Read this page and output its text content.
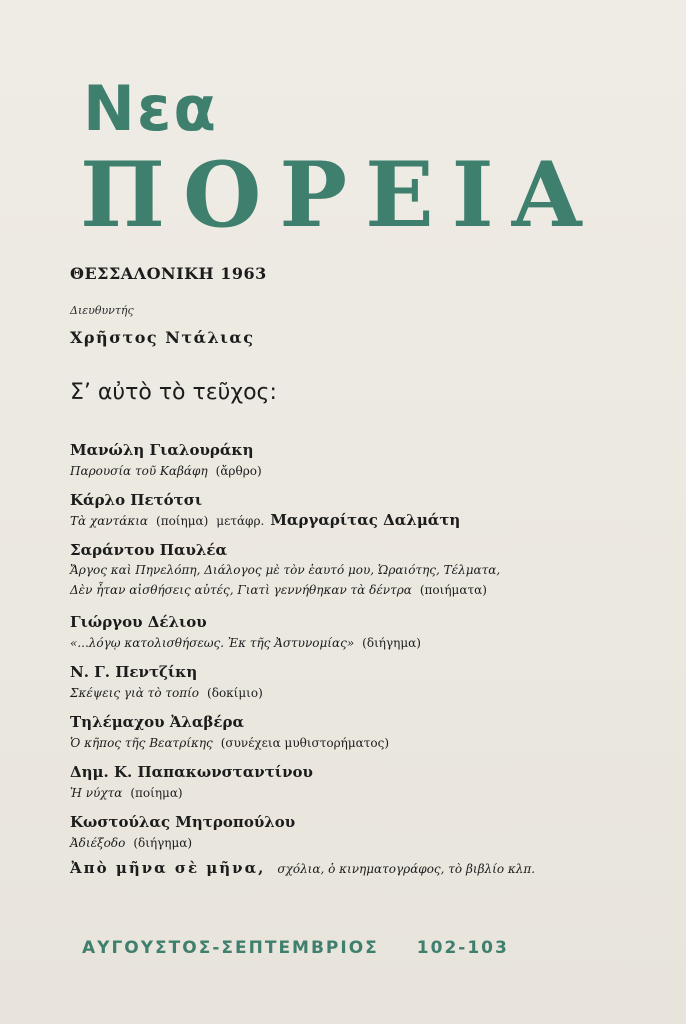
Νεα
ΠΟΡΕΙΑ
ΘΕΣΣΑΛΟΝΙΚΗ 1963
Διευθυντής
Χρῆστος Ντάλιας
Σ’ αὐτὸ τὸ τεῦχος:
Μανώλη Γιαλουράκη
Παρουσία τοῦ Καβάφη (ἄρθρο)
Κάρλο Πετότσι
Τὰ χαντάκια (ποίημα) μετάφρ. Μαργαρίτας Δαλμάτη
Σαράντου Παυλέα
Ἄργος καὶ Πηνελόπη, Διάλογος μὲ τὸν ἑαυτό μου, Ὡραιότης, Τέλματα,
Δὲν ἦταν αἰσθήσεις αὐτές, Γιατὶ γεννήθηκαν τὰ δέντρα (ποιήματα)
Γιώργου Δέλιου
«...λόγῳ κατολισθήσεως. Ἐκ τῆς Ἀστυνομίας» (διήγημα)
Ν. Γ. Πεντζίκη
Σκέψεις γιὰ τὸ τοπίο (δοκίμιο)
Τηλέμαχου Ἀλαβέρα
Ὁ κῆπος τῆς Βεατρίκης (συνέχεια μυθιστορήματος)
Δημ. Κ. Παπακωνσταντίνου
Ἡ νύχτα (ποίημα)
Κωστούλας Μητροπούλου
Ἀδιέξοδο (διήγημα)
Ἀπὸ μῆνα σὲ μῆνα, σχόλια, ὁ κινηματογράφος, τὸ βιβλίο κλπ.
ΑΥΓΟΥΣΤΟΣ-ΣΕΠΤΕΜΒΡΙΟΣ 102-103
